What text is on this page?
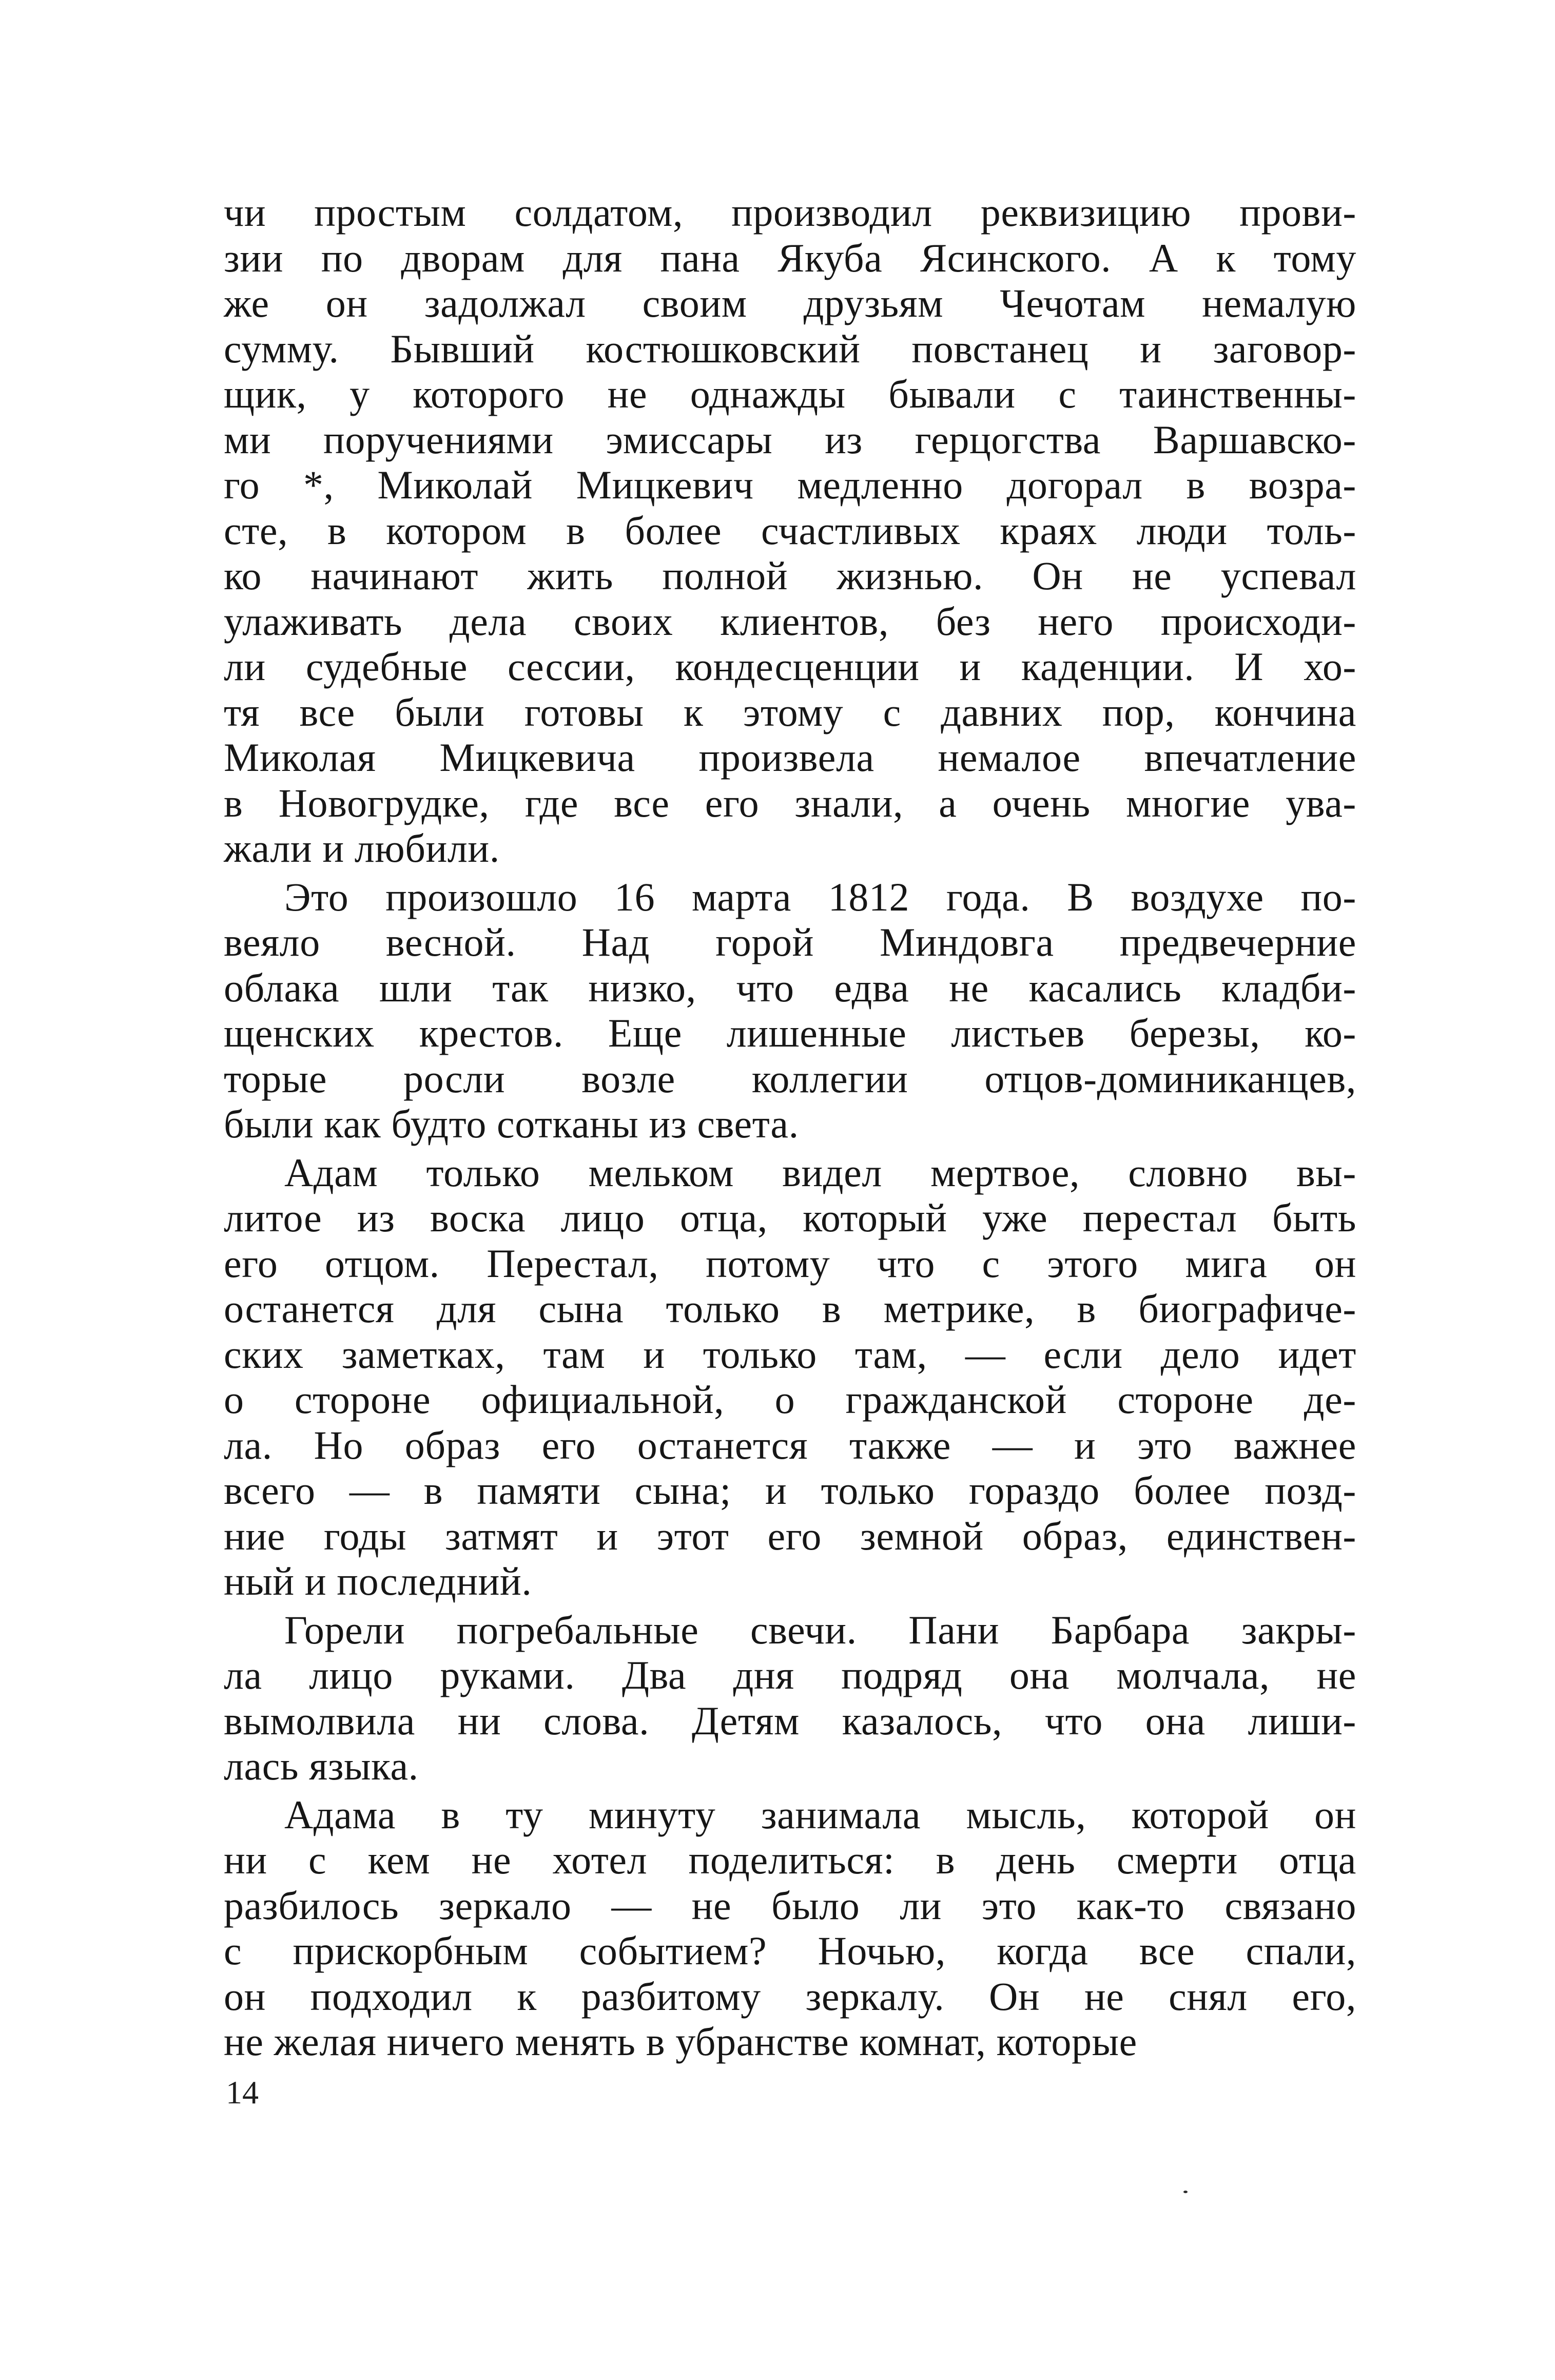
чи простым солдатом, производил реквизицию прови-
зии по дворам для пана Якуба Ясинского. А к тому
же он задолжал своим друзьям Чечотам немалую
сумму. Бывший костюшковский повстанец и заговор-
щик, у которого не однажды бывали с таинственны-
ми поручениями эмиссары из герцогства Варшавско-
го *, Миколай Мицкевич медленно догорал в возра-
сте, в котором в более счастливых краях люди толь-
ко начинают жить полной жизнью. Он не успевал
улаживать дела своих клиентов, без него происходи-
ли судебные сессии, кондесценции и каденции. И хо-
тя все были готовы к этому с давних пор, кончина
Миколая Мицкевича произвела немалое впечатление
в Новогрудке, где все его знали, а очень многие ува-
жали и любили.
Это произошло 16 марта 1812 года. В воздухе по-
веяло весной. Над горой Миндовга предвечерние
облака шли так низко, что едва не касались кладби-
щенских крестов. Еще лишенные листьев березы, ко-
торые росли возле коллегии отцов-доминиканцев,
были как будто сотканы из света.
Адам только мельком видел мертвое, словно вы-
литое из воска лицо отца, который уже перестал быть
его отцом. Перестал, потому что с этого мига он
останется для сына только в метрике, в биографиче-
ских заметках, там и только там, — если дело идет
о стороне официальной, о гражданской стороне де-
ла. Но образ его останется также — и это важнее
всего — в памяти сына; и только гораздо более позд-
ние годы затмят и этот его земной образ, единствен-
ный и последний.
Горели погребальные свечи. Пани Барбара закры-
ла лицо руками. Два дня подряд она молчала, не
вымолвила ни слова. Детям казалось, что она лиши-
лась языка.
Адама в ту минуту занимала мысль, которой он
ни с кем не хотел поделиться: в день смерти отца
разбилось зеркало — не было ли это как-то связано
с прискорбным событием? Ночью, когда все спали,
он подходил к разбитому зеркалу. Он не снял его,
не желая ничего менять в убранстве комнат, которые
14
